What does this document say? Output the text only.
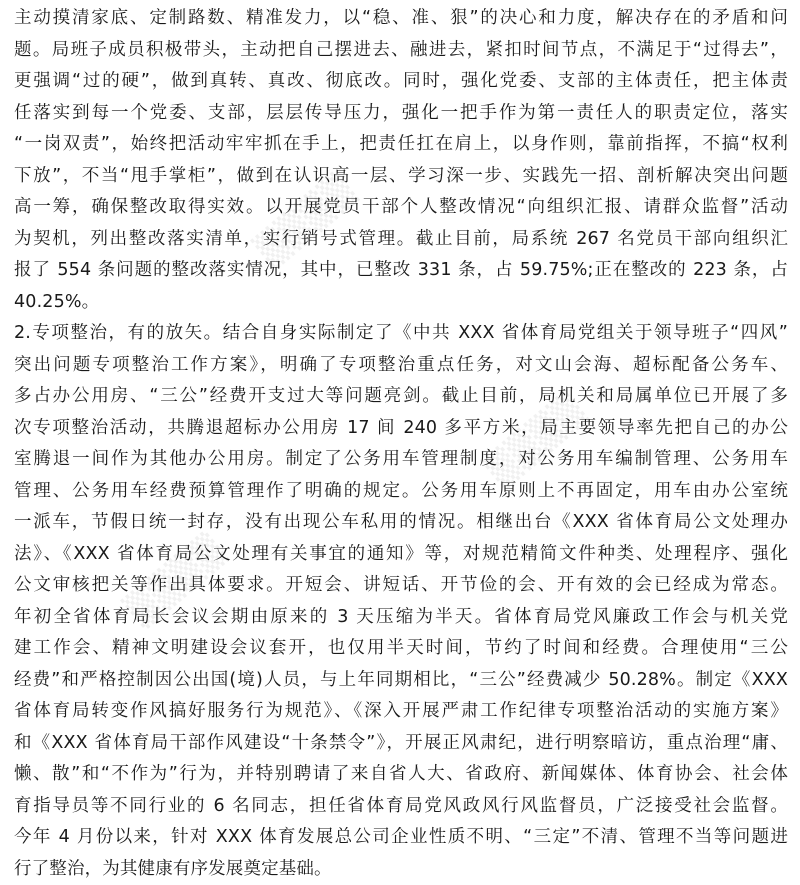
▒▒▒▒
▒▒▒▒
▒▒▒▒
主动摸清家底、定制路数、精准发力，以“稳、准、狠”的决心和力度，解决存在的矛盾和问
题。局班子成员积极带头，主动把自己摆进去、融进去，紧扣时间节点，不满足于“过得去”，
更强调“过的硬”，做到真转、真改、彻底改。同时，强化党委、支部的主体责任，把主体责
任落实到每一个党委、支部，层层传导压力，强化一把手作为第一责任人的职责定位，落实
“一岗双责”，始终把活动牢牢抓在手上，把责任扛在肩上，以身作则，靠前指挥，不搞“权利
下放”，不当“甩手掌柜”，做到在认识高一层、学习深一步、实践先一招、剖析解决突出问题
高一筹，确保整改取得实效。以开展党员干部个人整改情况“向组织汇报、请群众监督”活动
为契机，列出整改落实清单，实行销号式管理。截止目前，局系统 267 名党员干部向组织汇
报了 554 条问题的整改落实情况，其中，已整改 331 条，占 59.75%;正在整改的 223 条，占
40.25%。
2.专项整治，有的放矢。结合自身实际制定了《中共 XXX 省体育局党组关于领导班子“四风”
突出问题专项整治工作方案》，明确了专项整治重点任务，对文山会海、超标配备公务车、
多占办公用房、“三公”经费开支过大等问题亮剑。截止目前，局机关和局属单位已开展了多
次专项整治活动，共腾退超标办公用房 17 间 240 多平方米，局主要领导率先把自己的办公
室腾退一间作为其他办公用房。制定了公务用车管理制度，对公务用车编制管理、公务用车
管理、公务用车经费预算管理作了明确的规定。公务用车原则上不再固定，用车由办公室统
一派车，节假日统一封存，没有出现公车私用的情况。相继出台《XXX 省体育局公文处理办
法》、《XXX 省体育局公文处理有关事宜的通知》等，对规范精简文件种类、处理程序、强化
公文审核把关等作出具体要求。开短会、讲短话、开节俭的会、开有效的会已经成为常态。
年初全省体育局长会议会期由原来的 3 天压缩为半天。省体育局党风廉政工作会与机关党
建工作会、精神文明建设会议套开，也仅用半天时间，节约了时间和经费。合理使用“三公
经费”和严格控制因公出国(境)人员，与上年同期相比，“三公”经费减少 50.28%。制定《XXX
省体育局转变作风搞好服务行为规范》、《深入开展严肃工作纪律专项整治活动的实施方案》
和《XXX 省体育局干部作风建设“十条禁令”》，开展正风肃纪，进行明察暗访，重点治理“庸、
懒、散”和“不作为”行为，并特别聘请了来自省人大、省政府、新闻媒体、体育协会、社会体
育指导员等不同行业的 6 名同志，担任省体育局党风政风行风监督员，广泛接受社会监督。
今年 4 月份以来，针对 XXX 体育发展总公司企业性质不明、“三定”不清、管理不当等问题进
行了整治，为其健康有序发展奠定基础。
